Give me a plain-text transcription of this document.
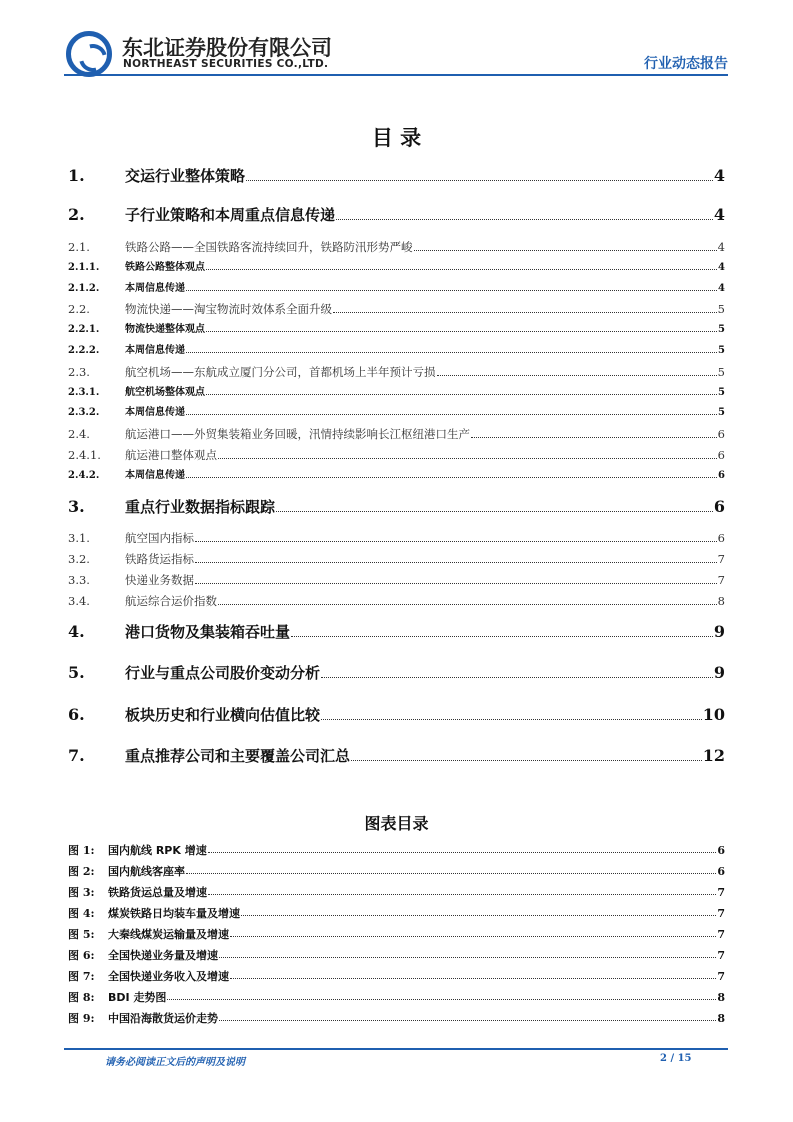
东北证券股份有限公司
NORTHEAST SECURITIES CO.,LTD.	行业动态报告
目 录
1.	交运行业整体策略	4
2.	子行业策略和本周重点信息传递	4
2.1.	铁路公路——全国铁路客流持续回升，铁路防汛形势严峻	4
2.1.1.	铁路公路整体观点	4
2.1.2.	本周信息传递	4
2.2.	物流快递——淘宝物流时效体系全面升级	5
2.2.1.	物流快递整体观点	5
2.2.2.	本周信息传递	5
2.3.	航空机场——东航成立厦门分公司，首都机场上半年预计亏损	5
2.3.1.	航空机场整体观点	5
2.3.2.	本周信息传递	5
2.4.	航运港口——外贸集装箱业务回暖，汛情持续影响长江枢纽港口生产	6
2.4.1.	航运港口整体观点	6
2.4.2.	本周信息传递	6
3.	重点行业数据指标跟踪	6
3.1.	航空国内指标	6
3.2.	铁路货运指标	7
3.3.	快递业务数据	7
3.4.	航运综合运价指数	8
4.	港口货物及集装箱吞吐量	9
5.	行业与重点公司股价变动分析	9
6.	板块历史和行业横向估值比较	10
7.	重点推荐公司和主要覆盖公司汇总	12
图表目录
图 1:	国内航线 RPK 增速	6
图 2:	国内航线客座率	6
图 3:	铁路货运总量及增速	7
图 4:	煤炭铁路日均装车量及增速	7
图 5:	大秦线煤炭运输量及增速	7
图 6:	全国快递业务量及增速	7
图 7:	全国快递业务收入及增速	7
图 8:	BDI 走势图	8
图 9:	中国沿海散货运价走势	8
请务必阅读正文后的声明及说明	2 / 15
